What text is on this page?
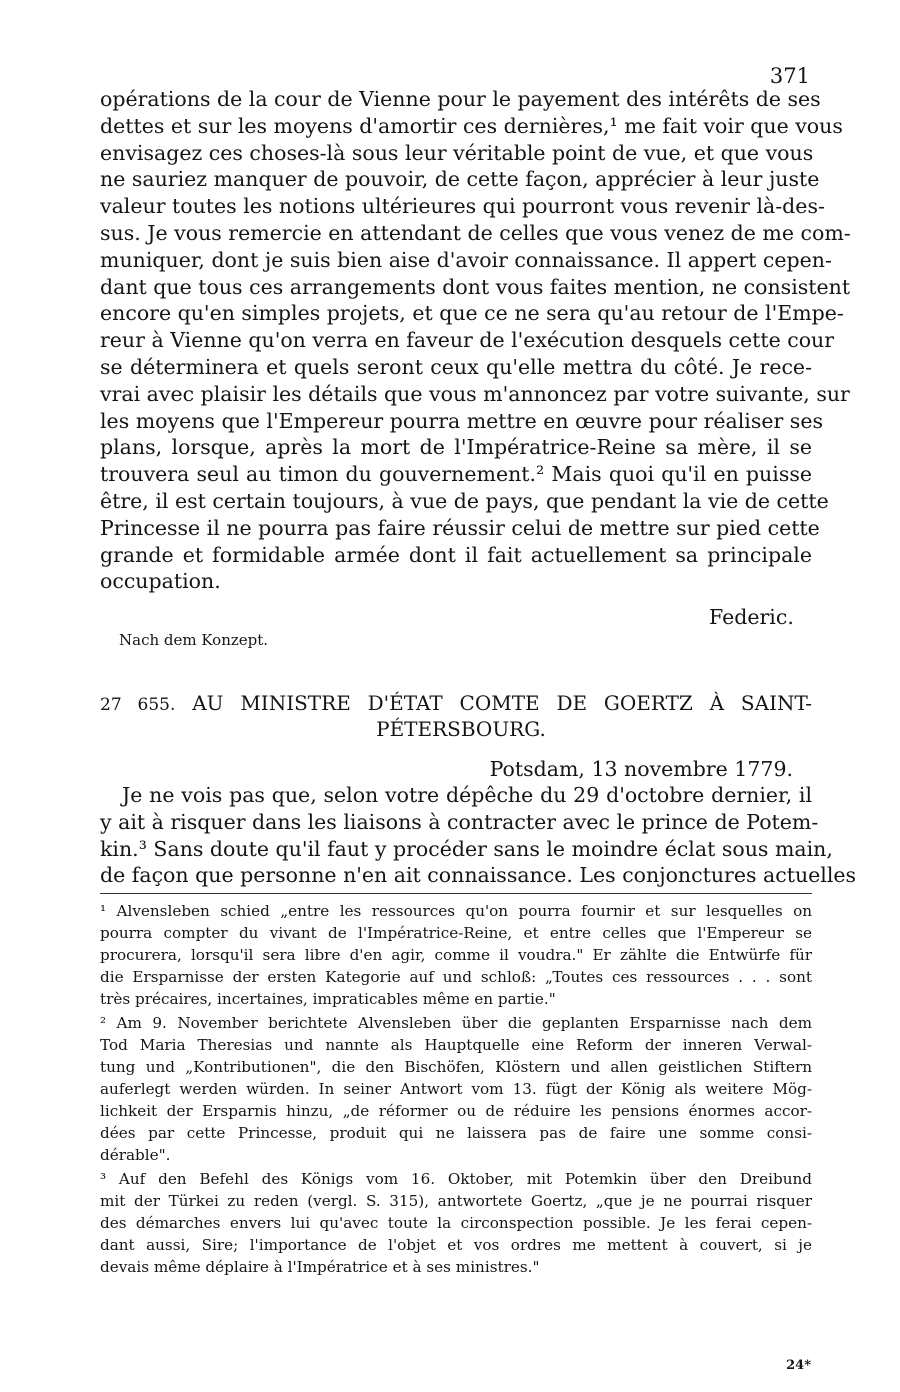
371
opérations de la cour de Vienne pour le payement des intérêts de ses
dettes et sur les moyens d'amortir ces dernières,¹ me fait voir que vous
envisagez ces choses-là sous leur véritable point de vue, et que vous
ne sauriez manquer de pouvoir, de cette façon, apprécier à leur juste
valeur toutes les notions ultérieures qui pourront vous revenir là-des-
sus. Je vous remercie en attendant de celles que vous venez de me com-
muniquer, dont je suis bien aise d'avoir connaissance. Il appert cepen-
dant que tous ces arrangements dont vous faites mention, ne consistent
encore qu'en simples projets, et que ce ne sera qu'au retour de l'Empe-
reur à Vienne qu'on verra en faveur de l'exécution desquels cette cour
se déterminera et quels seront ceux qu'elle mettra du côté. Je rece-
vrai avec plaisir les détails que vous m'annoncez par votre suivante, sur
les moyens que l'Empereur pourra mettre en œuvre pour réaliser ses
plans, lorsque, après la mort de l'Impératrice-Reine sa mère, il se
trouvera seul au timon du gouvernement.² Mais quoi qu'il en puisse
être, il est certain toujours, à vue de pays, que pendant la vie de cette
Princesse il ne pourra pas faire réussir celui de mettre sur pied cette
grande et formidable armée dont il fait actuellement sa principale
occupation.
Federic.
Nach dem Konzept.
27 655. AU MINISTRE D'ÉTAT COMTE DE GOERTZ À SAINT-
PÉTERSBOURG.
Potsdam, 13 novembre 1779.
Je ne vois pas que, selon votre dépêche du 29 d'octobre dernier, il
y ait à risquer dans les liaisons à contracter avec le prince de Potem-
kin.³ Sans doute qu'il faut y procéder sans le moindre éclat sous main,
de façon que personne n'en ait connaissance. Les conjonctures actuelles
¹ Alvensleben schied „entre les ressources qu'on pourra fournir et sur lesquelles on
pourra compter du vivant de l'Impératrice-Reine, et entre celles que l'Empereur se
procurera, lorsqu'il sera libre d'en agir, comme il voudra." Er zählte die Entwürfe für
die Ersparnisse der ersten Kategorie auf und schloß: „Toutes ces ressources . . . sont
très précaires, incertaines, impraticables même en partie."
² Am 9. November berichtete Alvensleben über die geplanten Ersparnisse nach dem
Tod Maria Theresias und nannte als Hauptquelle eine Reform der inneren Verwal-
tung und „Kontributionen", die den Bischöfen, Klöstern und allen geistlichen Stiftern
auferlegt werden würden. In seiner Antwort vom 13. fügt der König als weitere Mög-
lichkeit der Ersparnis hinzu, „de réformer ou de réduire les pensions énormes accor-
dées par cette Princesse, produit qui ne laissera pas de faire une somme consi-
dérable".
³ Auf den Befehl des Königs vom 16. Oktober, mit Potemkin über den Dreibund
mit der Türkei zu reden (vergl. S. 315), antwortete Goertz, „que je ne pourrai risquer
des démarches envers lui qu'avec toute la circonspection possible. Je les ferai cepen-
dant aussi, Sire; l'importance de l'objet et vos ordres me mettent à couvert, si je
devais même déplaire à l'Impératrice et à ses ministres."
24*
